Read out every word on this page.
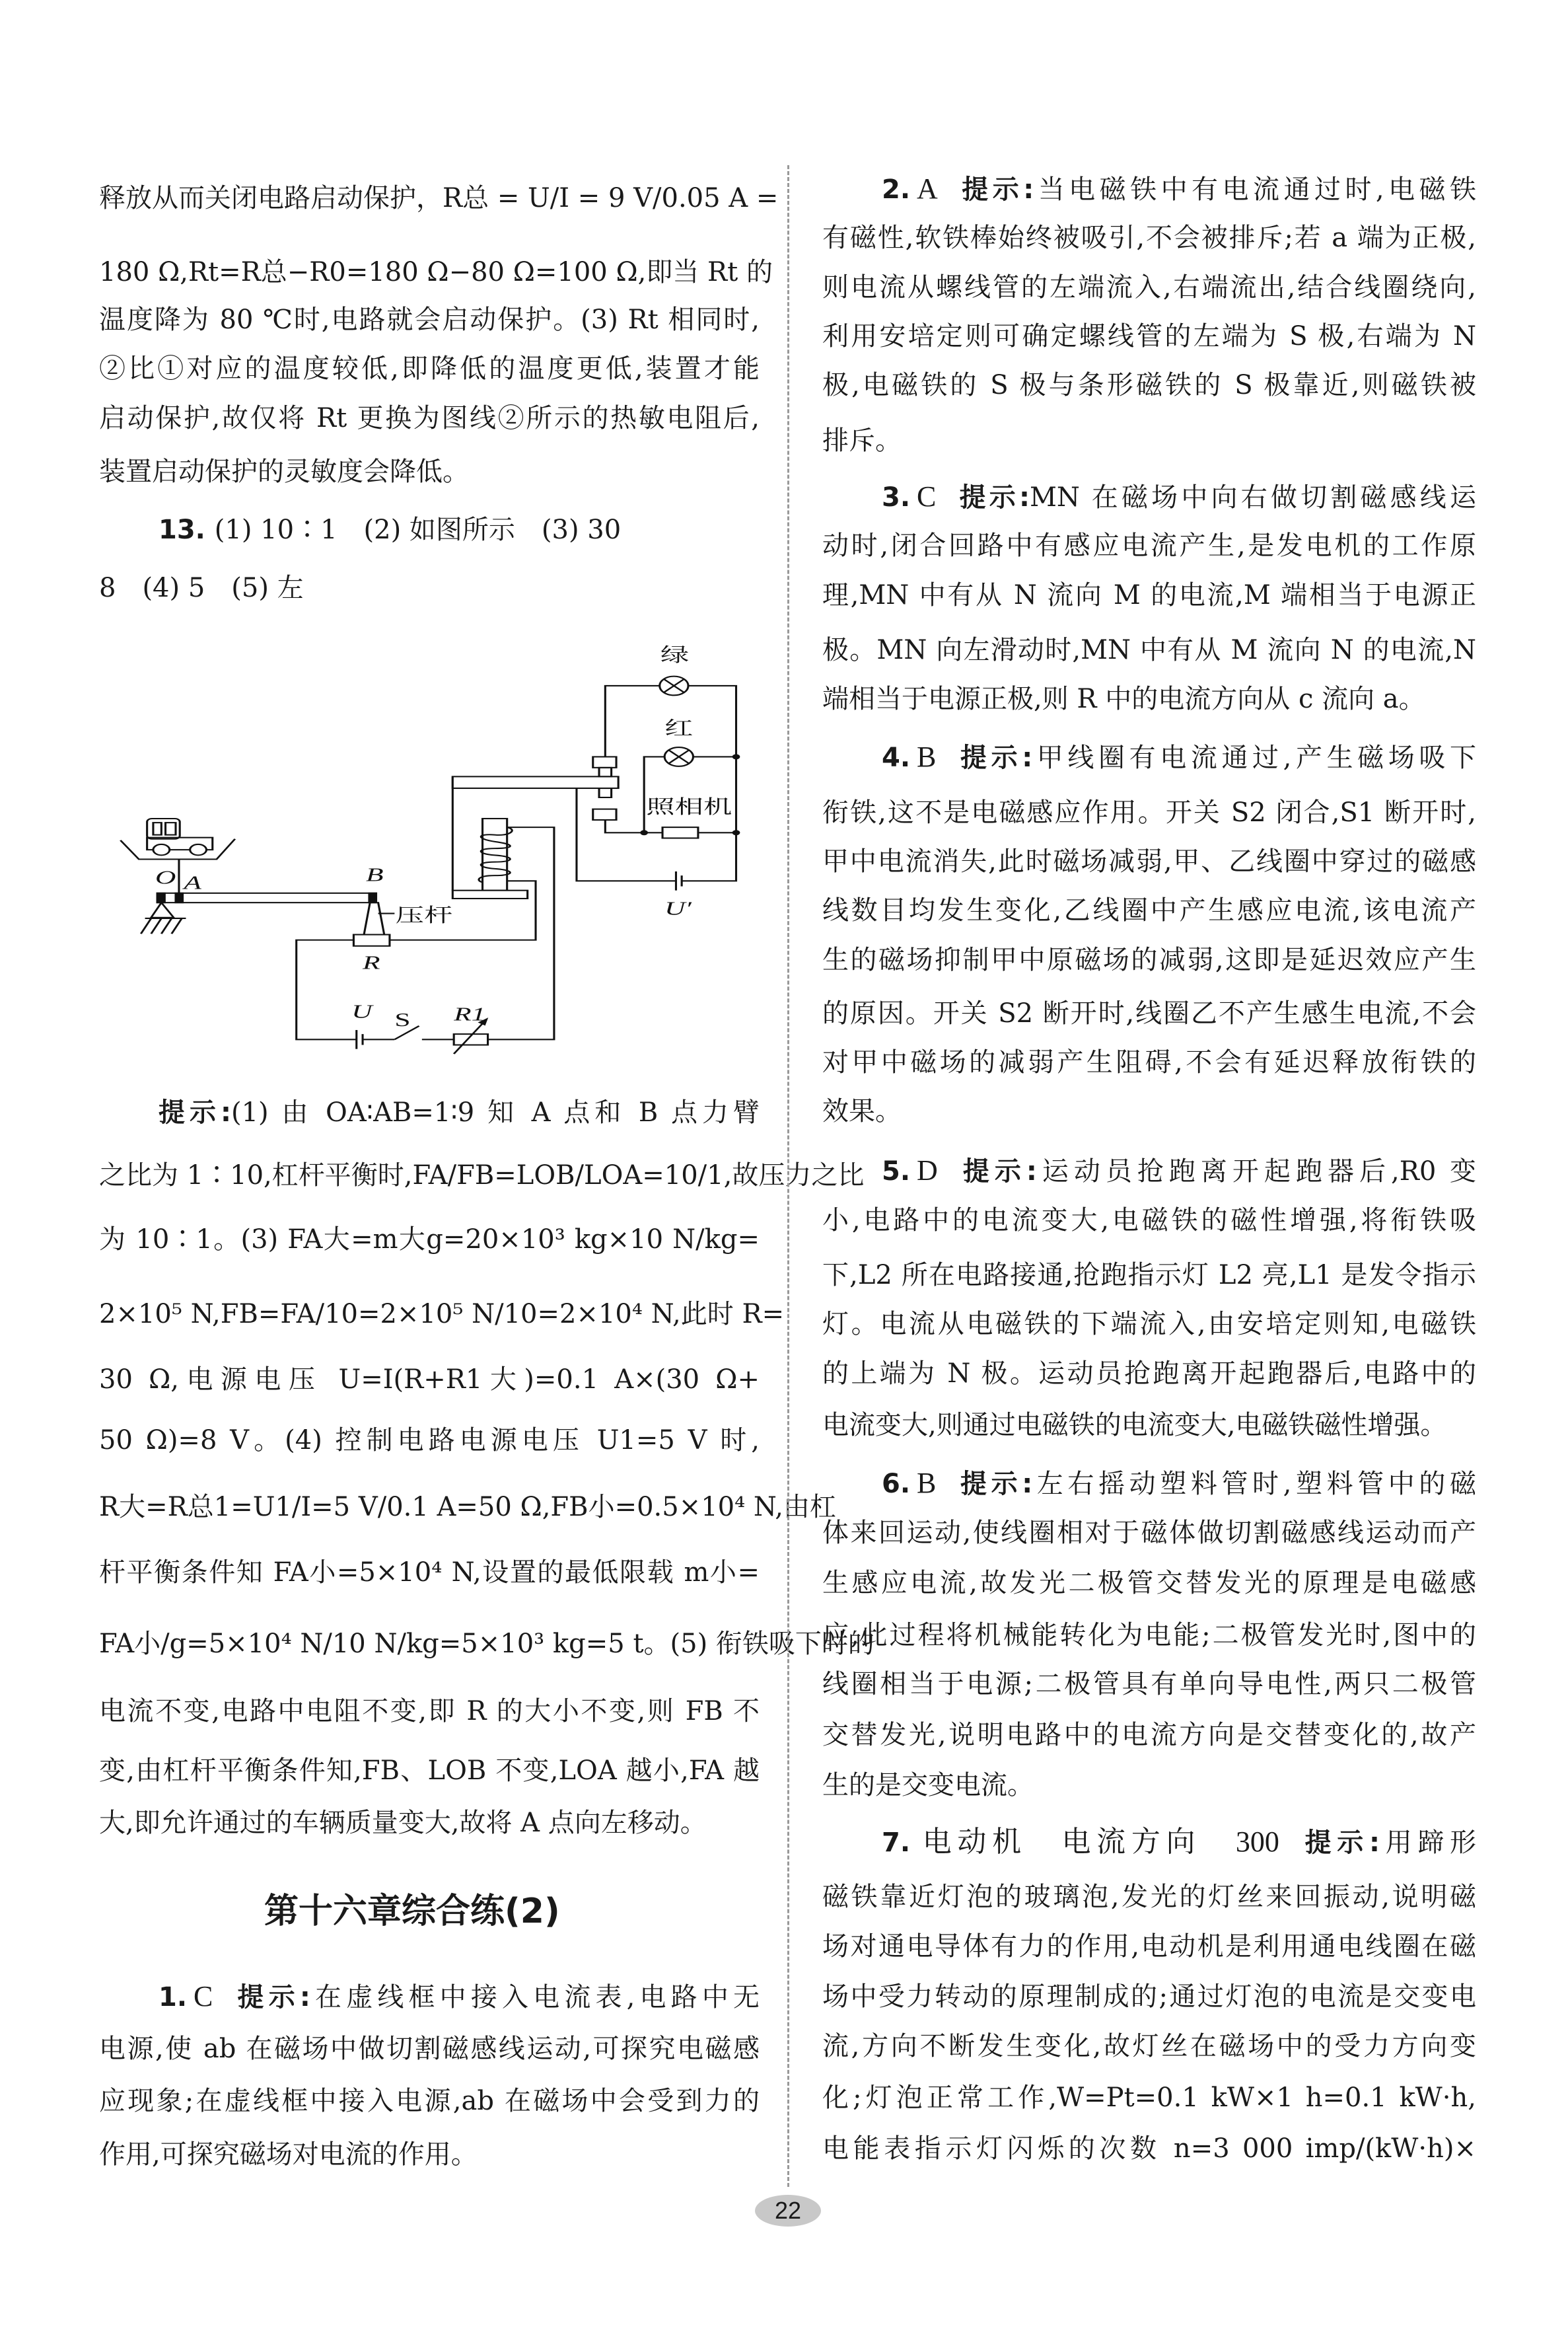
释放从而关闭电路启动保护，R总 = U/I = 9 V/0.05 A =
180 Ω,Rt=R总−R0=180 Ω−80 Ω=100 Ω,即当 Rt 的
温度降为 80 ℃时,电路就会启动保护。(3) Rt 相同时,
②比①对应的温度较低,即降低的温度更低,装置才能
启动保护,故仅将 Rt 更换为图线②所示的热敏电阻后,
装置启动保护的灵敏度会降低。
13. (1) 10∶1　(2) 如图所示　(3) 30
8　(4) 5　(5) 左
提示:(1) 由 OA∶AB=1∶9 知 A 点和 B 点力臂
之比为 1∶10,杠杆平衡时,FA/FB=LOB/LOA=10/1,故压力之比
为 10∶1。(3) FA大=m大g=20×10³ kg×10 N/kg=
2×10⁵ N,FB=FA/10=2×10⁵ N/10=2×10⁴ N,此时 R=
30 Ω,电源电压 U=I(R+R1大)=0.1 A×(30 Ω+
50 Ω)=8 V。(4) 控制电路电源电压 U1=5 V 时,
R大=R总1=U1/I=5 V/0.1 A=50 Ω,FB小=0.5×10⁴ N,由杠
杆平衡条件知 FA小=5×10⁴ N,设置的最低限载 m小=
FA小/g=5×10⁴ N/10 N/kg=5×10³ kg=5 t。(5) 衔铁吸下时的
电流不变,电路中电阻不变,即 R 的大小不变,则 FB 不
变,由杠杆平衡条件知,FB、LOB 不变,LOA 越小,FA 越
大,即允许通过的车辆质量变大,故将 A 点向左移动。
1. C 提示:在虚线框中接入电流表,电路中无
电源,使 ab 在磁场中做切割磁感线运动,可探究电磁感
应现象;在虚线框中接入电源,ab 在磁场中会受到力的
作用,可探究磁场对电流的作用。
2. A 提示:当电磁铁中有电流通过时,电磁铁
有磁性,软铁棒始终被吸引,不会被排斥;若 a 端为正极,
则电流从螺线管的左端流入,右端流出,结合线圈绕向,
利用安培定则可确定螺线管的左端为 S 极,右端为 N
极,电磁铁的 S 极与条形磁铁的 S 极靠近,则磁铁被
排斥。
3. C 提示:MN 在磁场中向右做切割磁感线运
动时,闭合回路中有感应电流产生,是发电机的工作原
理,MN 中有从 N 流向 M 的电流,M 端相当于电源正
极。MN 向左滑动时,MN 中有从 M 流向 N 的电流,N
端相当于电源正极,则 R 中的电流方向从 c 流向 a。
4. B 提示:甲线圈有电流通过,产生磁场吸下
衔铁,这不是电磁感应作用。开关 S2 闭合,S1 断开时,
甲中电流消失,此时磁场减弱,甲、乙线圈中穿过的磁感
线数目均发生变化,乙线圈中产生感应电流,该电流产
生的磁场抑制甲中原磁场的减弱,这即是延迟效应产生
的原因。开关 S2 断开时,线圈乙不产生感生电流,不会
对甲中磁场的减弱产生阻碍,不会有延迟释放衔铁的
效果。
5. D 提示:运动员抢跑离开起跑器后,R0 变
小,电路中的电流变大,电磁铁的磁性增强,将衔铁吸
下,L2 所在电路接通,抢跑指示灯 L2 亮,L1 是发令指示
灯。电流从电磁铁的下端流入,由安培定则知,电磁铁
的上端为 N 极。运动员抢跑离开起跑器后,电路中的
电流变大,则通过电磁铁的电流变大,电磁铁磁性增强。
6. B 提示:左右摇动塑料管时,塑料管中的磁
体来回运动,使线圈相对于磁体做切割磁感线运动而产
生感应电流,故发光二极管交替发光的原理是电磁感
应,此过程将机械能转化为电能;二极管发光时,图中的
线圈相当于电源;二极管具有单向导电性,两只二极管
交替发光,说明电路中的电流方向是交替变化的,故产
生的是交变电流。
7. 电动机　电流方向　300 提示:用蹄形
磁铁靠近灯泡的玻璃泡,发光的灯丝来回振动,说明磁
场对通电导体有力的作用,电动机是利用通电线圈在磁
场中受力转动的原理制成的;通过灯泡的电流是交变电
流,方向不断发生变化,故灯丝在磁场中的受力方向变
化;灯泡正常工作,W=Pt=0.1 kW×1 h=0.1 kW·h,
电能表指示灯闪烁的次数 n=3 000 imp/(kW·h)×
O A	B
压杆
R
U S R1
U′
绿
红
照相机
第十六章综合练(2)
22
